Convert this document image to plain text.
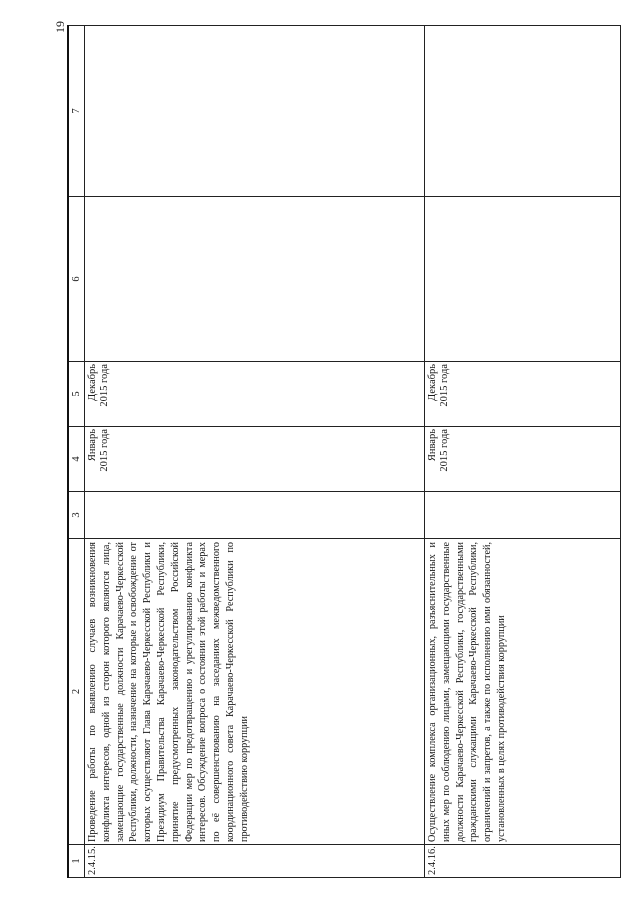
19
1	2	3	4	5	6	7
2.4.15.	Проведение работы по выявлению случаев возникновения конфликта интересов, одной из сторон которого являются лица, замещающие государственные должности Карачаево-Черкесской Республики, должности, назначение на которые и освобождение от которых осуществляют Глава Карачаево-Черкесской Республики и Президиум Правительства Карачаево-Черкесской Республики, принятие предусмотренных законодательством Российской Федерации мер по предотвращению и урегулированию конфликта интересов. Обсуждение вопроса о состоянии этой работы и мерах по её совершенствованию на заседаниях межведомственного координационного совета Карачаево-Черкесской Республики по противодействию коррупции		Январь 2015 года	Декабрь 2015 года		

2.4.16.	Осуществление комплекса организационных, разъяснительных и иных мер по соблюдению лицами, замещающими государственные должности Карачаево-Черкесской Республики, государственными гражданскими служащими Карачаево-Черкесской Республики, ограничений и запретов, а также по исполнению ими обязанностей, установленных в целях противодействия коррупции		Январь 2015 года	Декабрь 2015 года		
